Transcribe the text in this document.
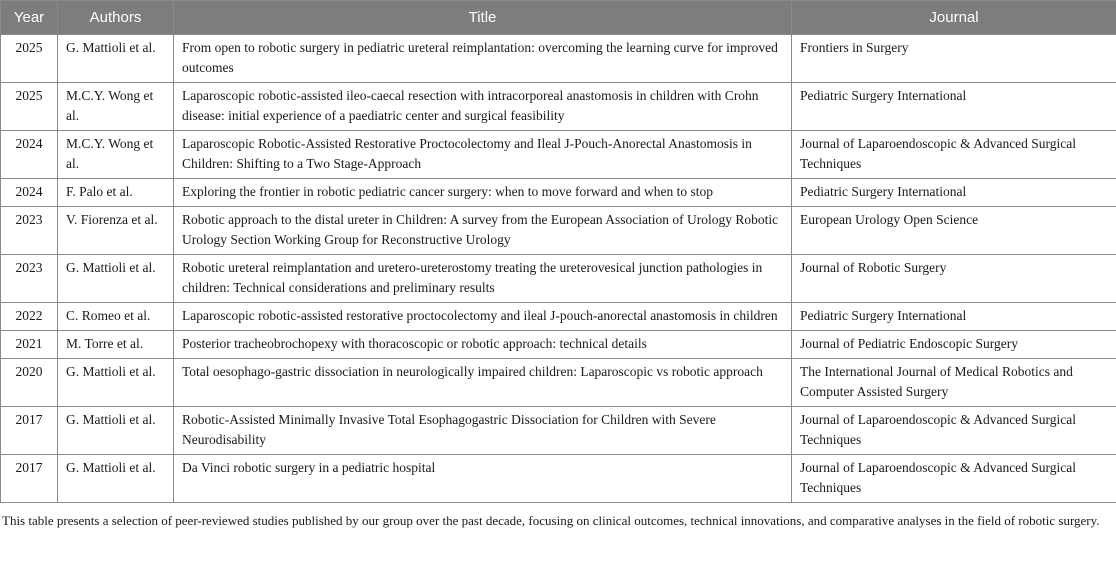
Year	Authors	Title	Journal
2025	G. Mattioli et al.	From open to robotic surgery in pediatric ureteral reimplantation: overcoming the learning curve for improved outcomes	Frontiers in Surgery
2025	M.C.Y. Wong et al.	Laparoscopic robotic-assisted ileo-caecal resection with intracorporeal anastomosis in children with Crohn disease: initial experience of a paediatric center and surgical feasibility	Pediatric Surgery International
2024	M.C.Y. Wong et al.	Laparoscopic Robotic-Assisted Restorative Proctocolectomy and Ileal J-Pouch-Anorectal Anastomosis in Children: Shifting to a Two Stage-Approach	Journal of Laparoendoscopic & Advanced Surgical Techniques
2024	F. Palo et al.	Exploring the frontier in robotic pediatric cancer surgery: when to move forward and when to stop	Pediatric Surgery International
2023	V. Fiorenza et al.	Robotic approach to the distal ureter in Children: A survey from the European Association of Urology Robotic Urology Section Working Group for Reconstructive Urology	European Urology Open Science
2023	G. Mattioli et al.	Robotic ureteral reimplantation and uretero-ureterostomy treating the ureterovesical junction pathologies in children: Technical considerations and preliminary results	Journal of Robotic Surgery
2022	C. Romeo et al.	Laparoscopic robotic-assisted restorative proctocolectomy and ileal J-pouch-anorectal anastomosis in children	Pediatric Surgery International
2021	M. Torre et al.	Posterior tracheobrochopexy with thoracoscopic or robotic approach: technical details	Journal of Pediatric Endoscopic Surgery
2020	G. Mattioli et al.	Total oesophago-gastric dissociation in neurologically impaired children: Laparoscopic vs robotic approach	The International Journal of Medical Robotics and Computer Assisted Surgery
2017	G. Mattioli et al.	Robotic-Assisted Minimally Invasive Total Esophagogastric Dissociation for Children with Severe Neurodisability	Journal of Laparoendoscopic & Advanced Surgical Techniques
2017	G. Mattioli et al.	Da Vinci robotic surgery in a pediatric hospital	Journal of Laparoendoscopic & Advanced Surgical Techniques
This table presents a selection of peer-reviewed studies published by our group over the past decade, focusing on clinical outcomes, technical innovations, and comparative analyses in the field of robotic surgery.
